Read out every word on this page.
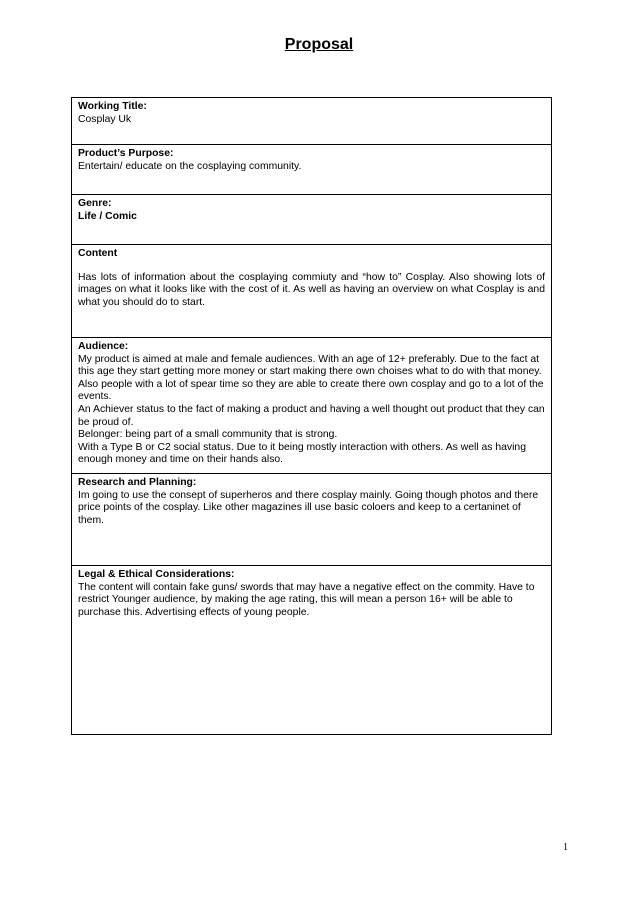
Proposal
Working Title:
Cosplay Uk
Product’s Purpose:
Entertain/ educate on the cosplaying community.
Genre:
Life / Comic
Content
Has lots of information about the cosplaying commiuty and “how to” Cosplay. Also showing lots of images on what it looks like with the cost of it. As well as having an overview on what Cosplay is and what you should do to start.
Audience:
My product is aimed at male and female audiences. With an age of 12+ preferably. Due to the fact at this age they start getting more money or start making there own choises what to do with that money. Also people with a lot of spear time so they are able to create there own cosplay and go to a lot of the events.
An Achiever status to the fact of making a product and having a well thought out product that they can be proud of.
Belonger: being part of a small community that is strong.
With a Type B or C2 social status. Due to it being mostly interaction with others. As well as having enough money and time on their hands also.
Research and Planning:
Im going to use the consept of superheros and there cosplay mainly. Going though photos and there price points of the cosplay. Like other magazines ill use basic coloers and keep to a certaninet of them.
Legal & Ethical Considerations:
The content will contain fake guns/ swords that may have a negative effect on the commity. Have to restrict Younger audience, by making the age rating, this will mean a person 16+ will be able to purchase this. Advertising effects of young people.
1
